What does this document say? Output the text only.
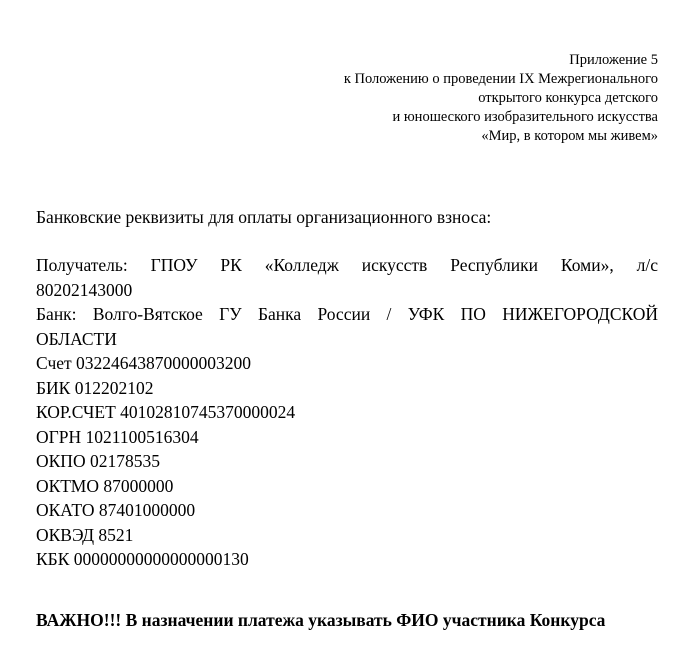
Приложение 5
к Положению о проведении IX Межрегионального
открытого конкурса детского
и юношеского изобразительного искусства
«Мир, в котором мы живем»
Банковские реквизиты для оплаты организационного взноса:
Получатель: ГПОУ РК «Колледж искусств Республики Коми», л/с
80202143000
Банк: Волго-Вятское ГУ Банка России / УФК ПО НИЖЕГОРОДСКОЙ
ОБЛАСТИ
Счет 03224643870000003200
БИК 012202102
КОР.СЧЕТ 40102810745370000024
ОГРН 1021100516304
ОКПО 02178535
ОКТМО 87000000
ОКАТО 87401000000
ОКВЭД 8521
КБК 00000000000000000130
ВАЖНО!!! В назначении платежа указывать ФИО участника Конкурса
